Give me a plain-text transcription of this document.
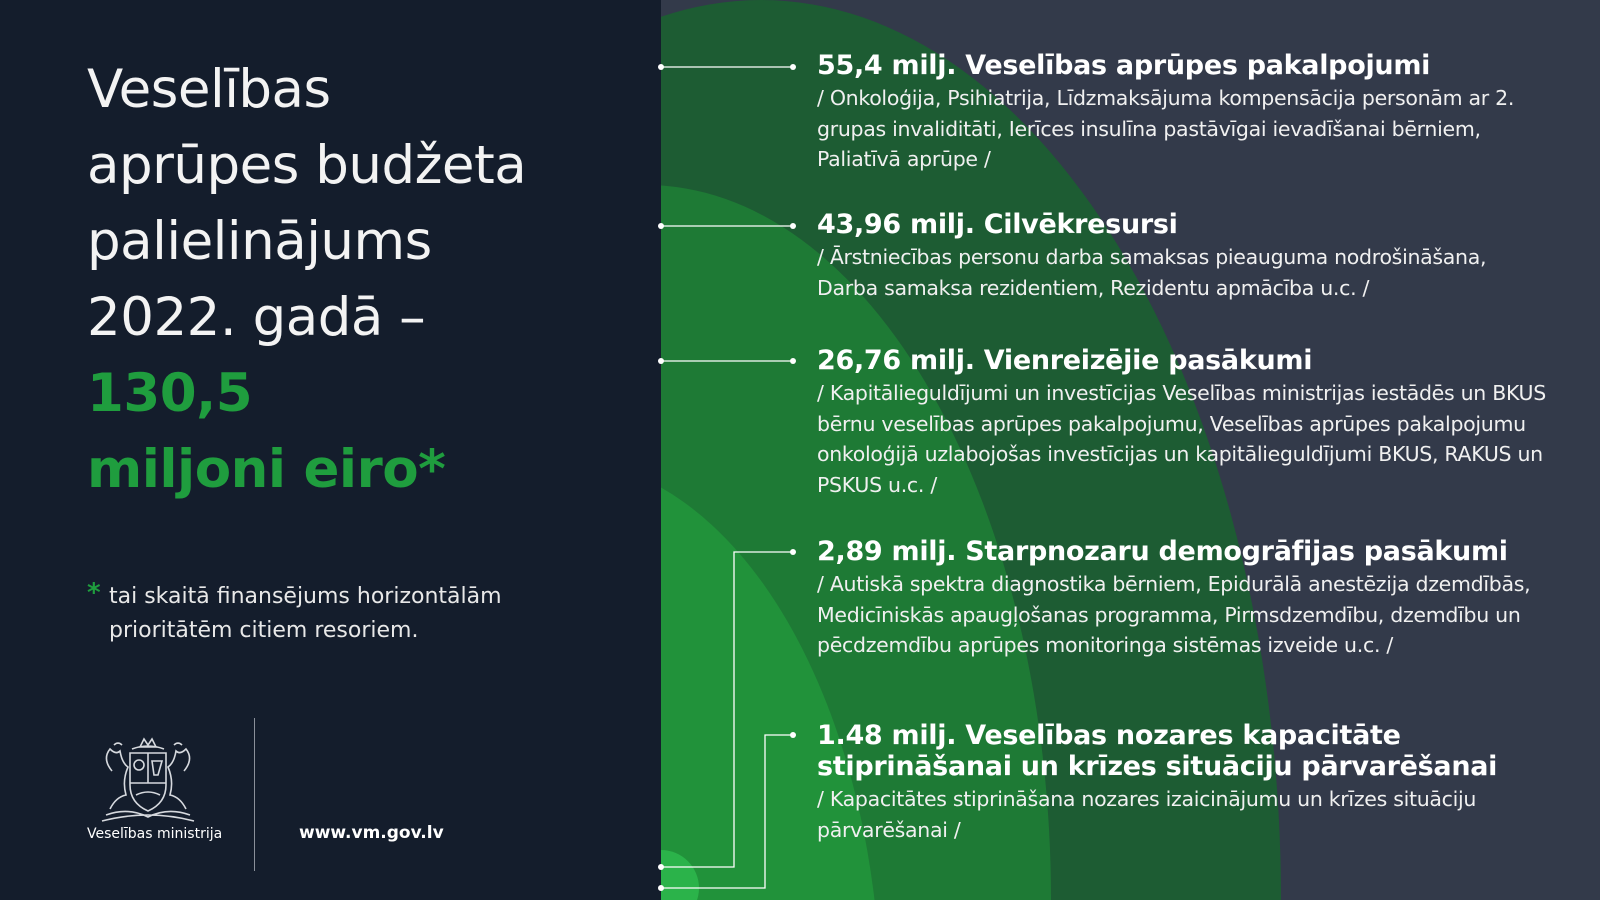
Veselības
aprūpes budžeta
palielinājums
2022. gadā –
130,5
miljoni eiro*
* tai skaitā finansējums horizontālām prioritātēm citiem resoriem.
Veselības ministrija	www.vm.gov.lv
55,4 milj. Veselības aprūpes pakalpojumi
/ Onkoloģija, Psihiatrija, Līdzmaksājuma kompensācija personām ar 2. grupas invaliditāti, Ierīces insulīna pastāvīgai ievadīšanai bērniem, Paliatīvā aprūpe /
43,96 milj. Cilvēkresursi
/ Ārstniecības personu darba samaksas pieauguma nodrošināšana, Darba samaksa rezidentiem, Rezidentu apmācība u.c. /
26,76 milj. Vienreizējie pasākumi
/ Kapitālieguldījumi un investīcijas Veselības ministrijas iestādēs un BKUS bērnu veselības aprūpes pakalpojumu, Veselības aprūpes pakalpojumu onkoloģijā uzlabojošas investīcijas un kapitālieguldījumi BKUS, RAKUS un PSKUS u.c. /
2,89 milj. Starpnozaru demogrāfijas pasākumi
/ Autiskā spektra diagnostika bērniem, Epidurālā anestēzija dzemdībās, Medicīniskās apaugļošanas programma, Pirmsdzemdību, dzemdību un pēcdzemdību aprūpes monitoringa sistēmas izveide u.c. /
1.48 milj. Veselības nozares kapacitāte stiprināšanai un krīzes situāciju pārvarēšanai
/ Kapacitātes stiprināšana nozares izaicinājumu un krīzes situāciju pārvarēšanai /
